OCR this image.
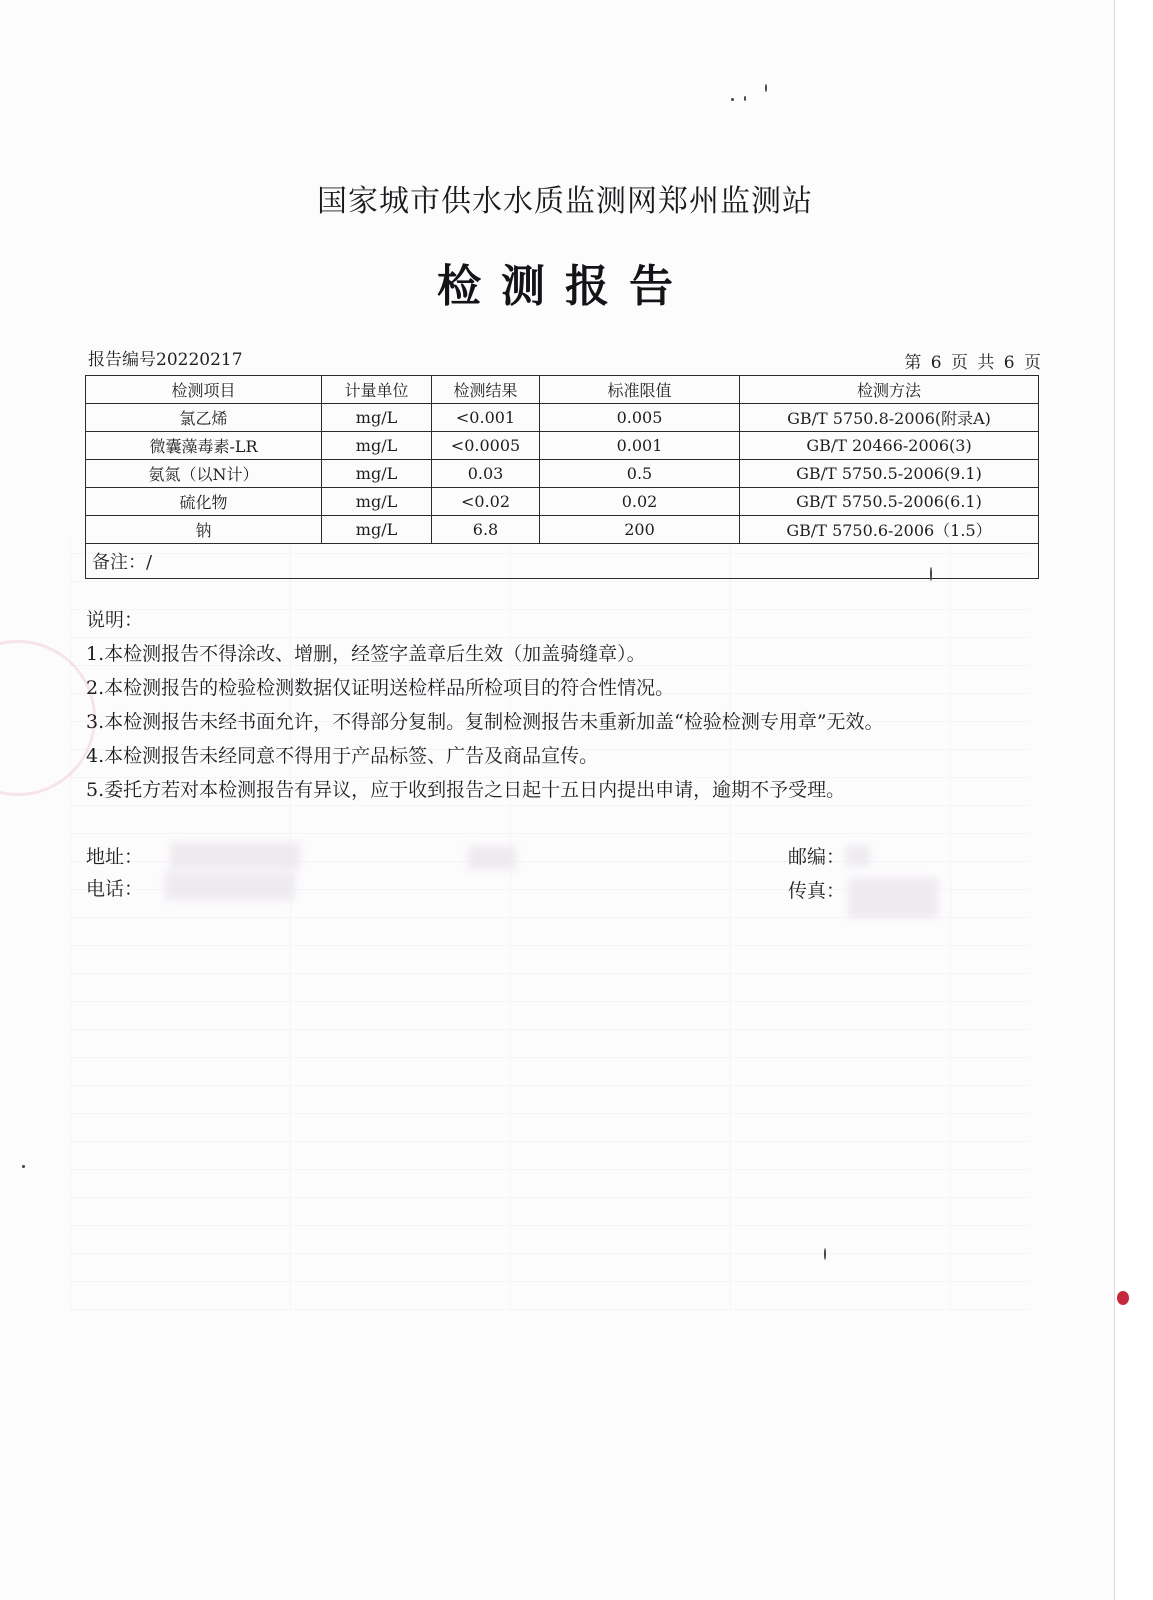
国家城市供水水质监测网郑州监测站
检测报告
报告编号20220217	第 6 页 共 6 页
检测项目	计量单位	检测结果	标准限值	检测方法
氯乙烯	mg/L	<0.001	0.005	GB/T 5750.8-2006(附录A)
微囊藻毒素-LR	mg/L	<0.0005	0.001	GB/T 20466-2006(3)
氨氮（以N计）	mg/L	0.03	0.5	GB/T 5750.5-2006(9.1)
硫化物	mg/L	<0.02	0.02	GB/T 5750.5-2006(6.1)
钠	mg/L	6.8	200	GB/T 5750.6-2006（1.5）
备注：/				

说明：

1.本检测报告不得涂改、增删，经签字盖章后生效（加盖骑缝章）。

2.本检测报告的检验检测数据仅证明送检样品所检项目的符合性情况。

3.本检测报告未经书面允许，不得部分复制。复制检测报告未重新加盖“检验检测专用章”无效。

4.本检测报告未经同意不得用于产品标签、广告及商品宣传。

5.委托方若对本检测报告有异议，应于收到报告之日起十五日内提出申请，逾期不予受理。

地址：
电话：
邮编：
传真：
